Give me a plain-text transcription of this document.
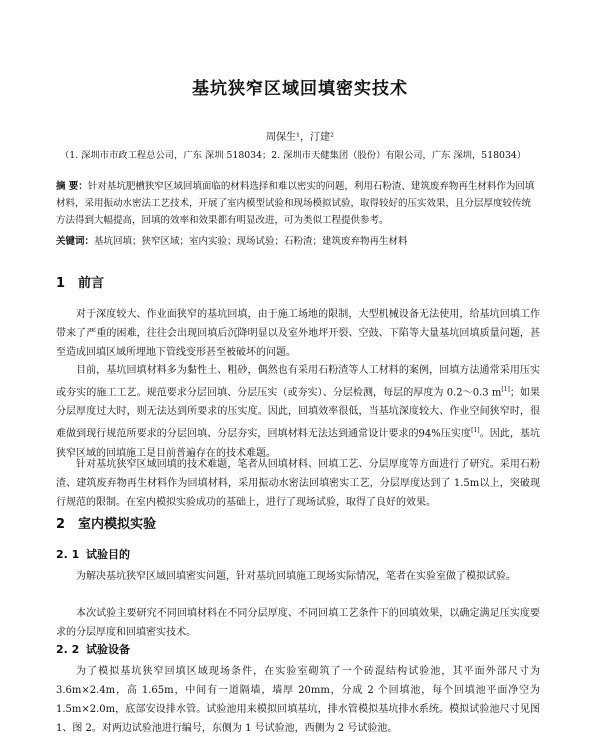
基坑狭窄区域回填密实技术
周保生¹，汀建²
（1. 深圳市市政工程总公司，广东 深圳 518034；2. 深圳市天健集团（股份）有限公司，广东 深圳，518034）
摘 要：针对基坑肥槽狭窄区域回填面临的材料选择和难以密实的问题，利用石粉渣、建筑废弃物再生材料作为回填材料，采用振动水密法工艺技术，开展了室内模型试验和现场模拟试验，取得较好的压实效果，且分层厚度较传统方法得到大幅提高，回填的效率和效果都有明显改进，可为类似工程提供参考。
关键词：基坑回填；狭窄区域；室内实验；现场试验；石粉渣；建筑废弃物再生材料
1 前言
对于深度较大、作业面狭窄的基坑回填，由于施工场地的限制，大型机械设备无法使用，给基坑回填工作带来了严重的困难，往往会出现回填后沉降明显以及室外地坪开裂、空鼓、下陷等大量基坑回填质量问题，甚至造成回填区域所埋地下管线变形甚至被破坏的问题。
目前，基坑回填材料多为黏性土、粗砂，偶然也有采用石粉渣等人工材料的案例，回填方法通常采用压实或夯实的施工工艺。规范要求分层回填、分层压实（或夯实）、分层检测，每层的厚度为 0.2～0.3 m[1]；如果分层厚度过大时，则无法达到所要求的压实度。因此，回填效率很低，当基坑深度较大、作业空间狭窄时，很难做到现行规范所要求的分层回填、分层夯实，回填材料无法达到通常设计要求的94%压实度[1]。因此，基坑狭窄区域的回填施工是目前普遍存在的技术难题。
针对基坑狭窄区域回填的技术难题，笔者从回填材料、回填工艺、分层厚度等方面进行了研究。采用石粉渣、建筑废弃物再生材料作为回填材料，采用振动水密法回填密实工艺，分层厚度达到了 1.5m以上，突破现行规范的限制。在室内模拟实验成功的基础上，进行了现场试验，取得了良好的效果。
2 室内模拟实验
2. 1 试验目的
为解决基坑狭窄区域回填密实问题，针对基坑回填施工现场实际情况，笔者在实验室做了模拟试验。
本次试验主要研究不同回填材料在不同分层厚度、不同回填工艺条件下的回填效果，以确定满足压实度要求的分层厚度和回填密实技术。
2. 2 试验设备
为了模拟基坑狭窄回填区域现场条件，在实验室砌筑了一个砖混结构试验池，其平面外部尺寸为 3.6m×2.4m，高 1.65m，中间有一道隔墙，墙厚 20mm，分成 2 个回填池，每个回填池平面净空为 1.5m×2.0m，底部安设排水管。试验池用来模拟回填基坑，排水管模拟基坑排水系统。模拟试验池尺寸见图 1、图 2。对两边试验池进行编号，东侧为 1 号试验池，西侧为 2 号试验池。
